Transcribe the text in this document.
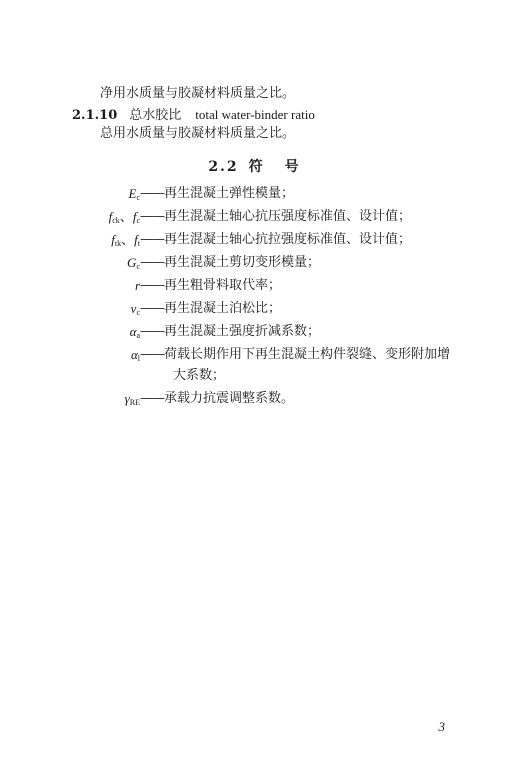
净用水质量与胶凝材料质量之比。
2.1.10 总水胶比 total water-binder ratio
总用水质量与胶凝材料质量之比。
2.2 符号
$E_c$ ——再生混凝土弹性模量；
$f_{ck}$、$f_c$ ——再生混凝土轴心抗压强度标准值、设计值；
$f_{tk}$、$f_t$ ——再生混凝土轴心抗拉强度标准值、设计值；
$G_c$ ——再生混凝土剪切变形模量；
r ——再生粗骨料取代率；
$\nu_c$ ——再生混凝土泊松比；
$\alpha_a$ ——再生混凝土强度折减系数；
$\alpha_l$ ——荷载长期作用下再生混凝土构件裂缝、变形附加增
大系数；
$\gamma_{RE}$ ——承载力抗震调整系数。
3
